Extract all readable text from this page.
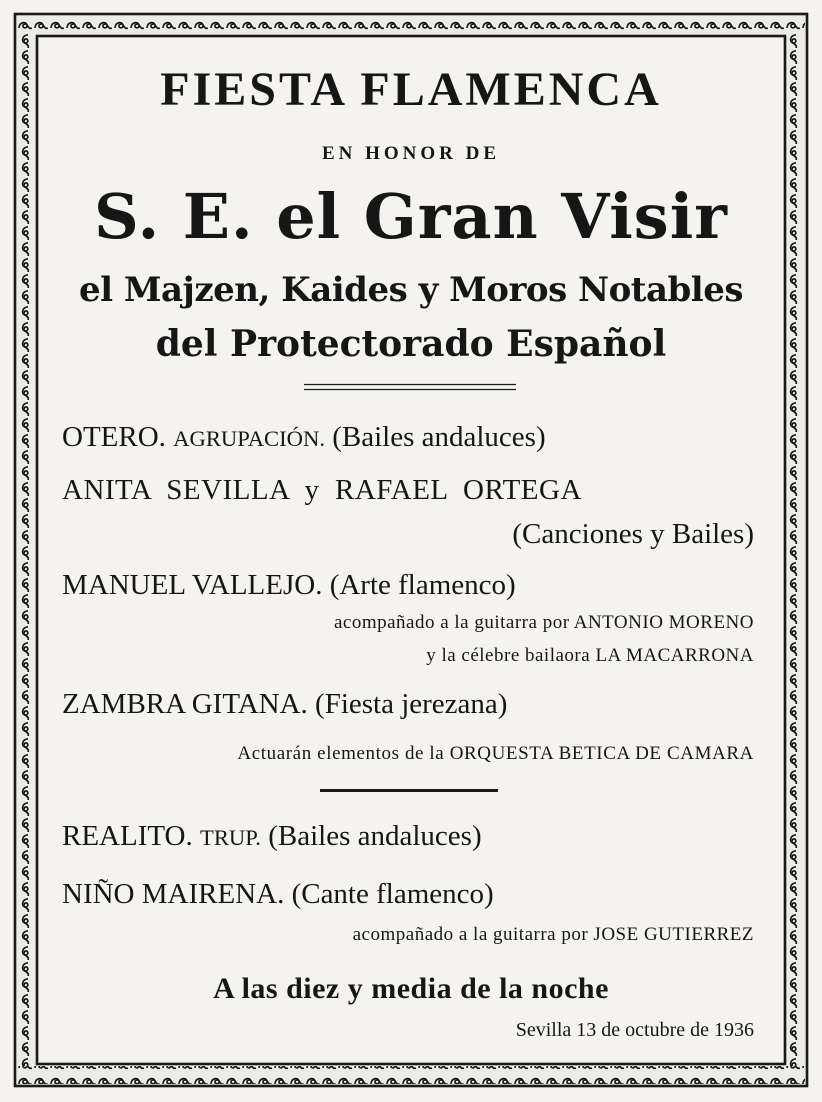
FIESTA FLAMENCA
EN HONOR DE
S. E. el Gran Visir
el Majzen, Kaides y Moros Notables
del Protectorado Español
OTERO. AGRUPACIÓN. (Bailes andaluces)
ANITA  SEVILLA  y  RAFAEL  ORTEGA
(Canciones y Bailes)
MANUEL VALLEJO. (Arte flamenco)
acompañado a la guitarra por ANTONIO MORENO
y la célebre bailaora LA MACARRONA
ZAMBRA GITANA. (Fiesta jerezana)
Actuarán elementos de la ORQUESTA BETICA DE CAMARA
REALITO. TRUP. (Bailes andaluces)
NIÑO MAIRENA. (Cante flamenco)
acompañado a la guitarra por JOSE GUTIERREZ
A las diez y media de la noche
Sevilla 13 de octubre de 1936
